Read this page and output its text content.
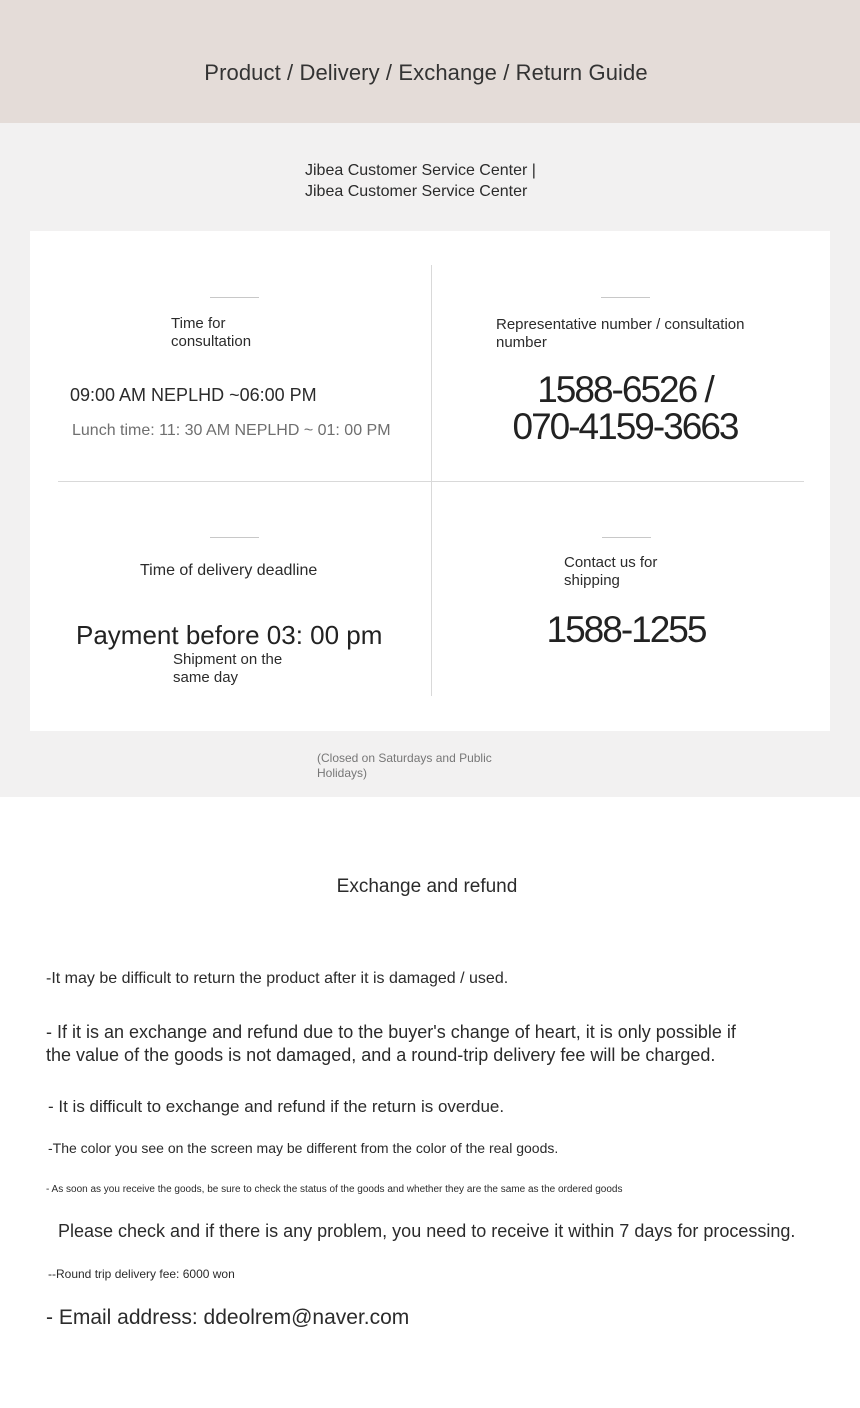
Product / Delivery / Exchange / Return Guide
Jibea Customer Service Center |
Jibea Customer Service Center
Time for
consultation
09:00 AM NEPLHD ~06:00 PM
Lunch time: 11: 30 AM NEPLHD ~ 01: 00 PM
Representative number / consultation
number
1588-6526 /
070-4159-3663
Time of delivery deadline
Payment before 03: 00 pm
Shipment on the
same day
Contact us for
shipping
1588-1255
(Closed on Saturdays and Public
Holidays)
Exchange and refund
-It may be difficult to return the product after it is damaged / used.
- If it is an exchange and refund due to the buyer's change of heart, it is only possible if
the value of the goods is not damaged, and a round-trip delivery fee will be charged.
- It is difficult to exchange and refund if the return is overdue.
-The color you see on the screen may be different from the color of the real goods.
- As soon as you receive the goods, be sure to check the status of the goods and whether they are the same as the ordered goods
Please check and if there is any problem, you need to receive it within 7 days for processing.
--Round trip delivery fee: 6000 won
- Email address: ddeolrem@naver.com
